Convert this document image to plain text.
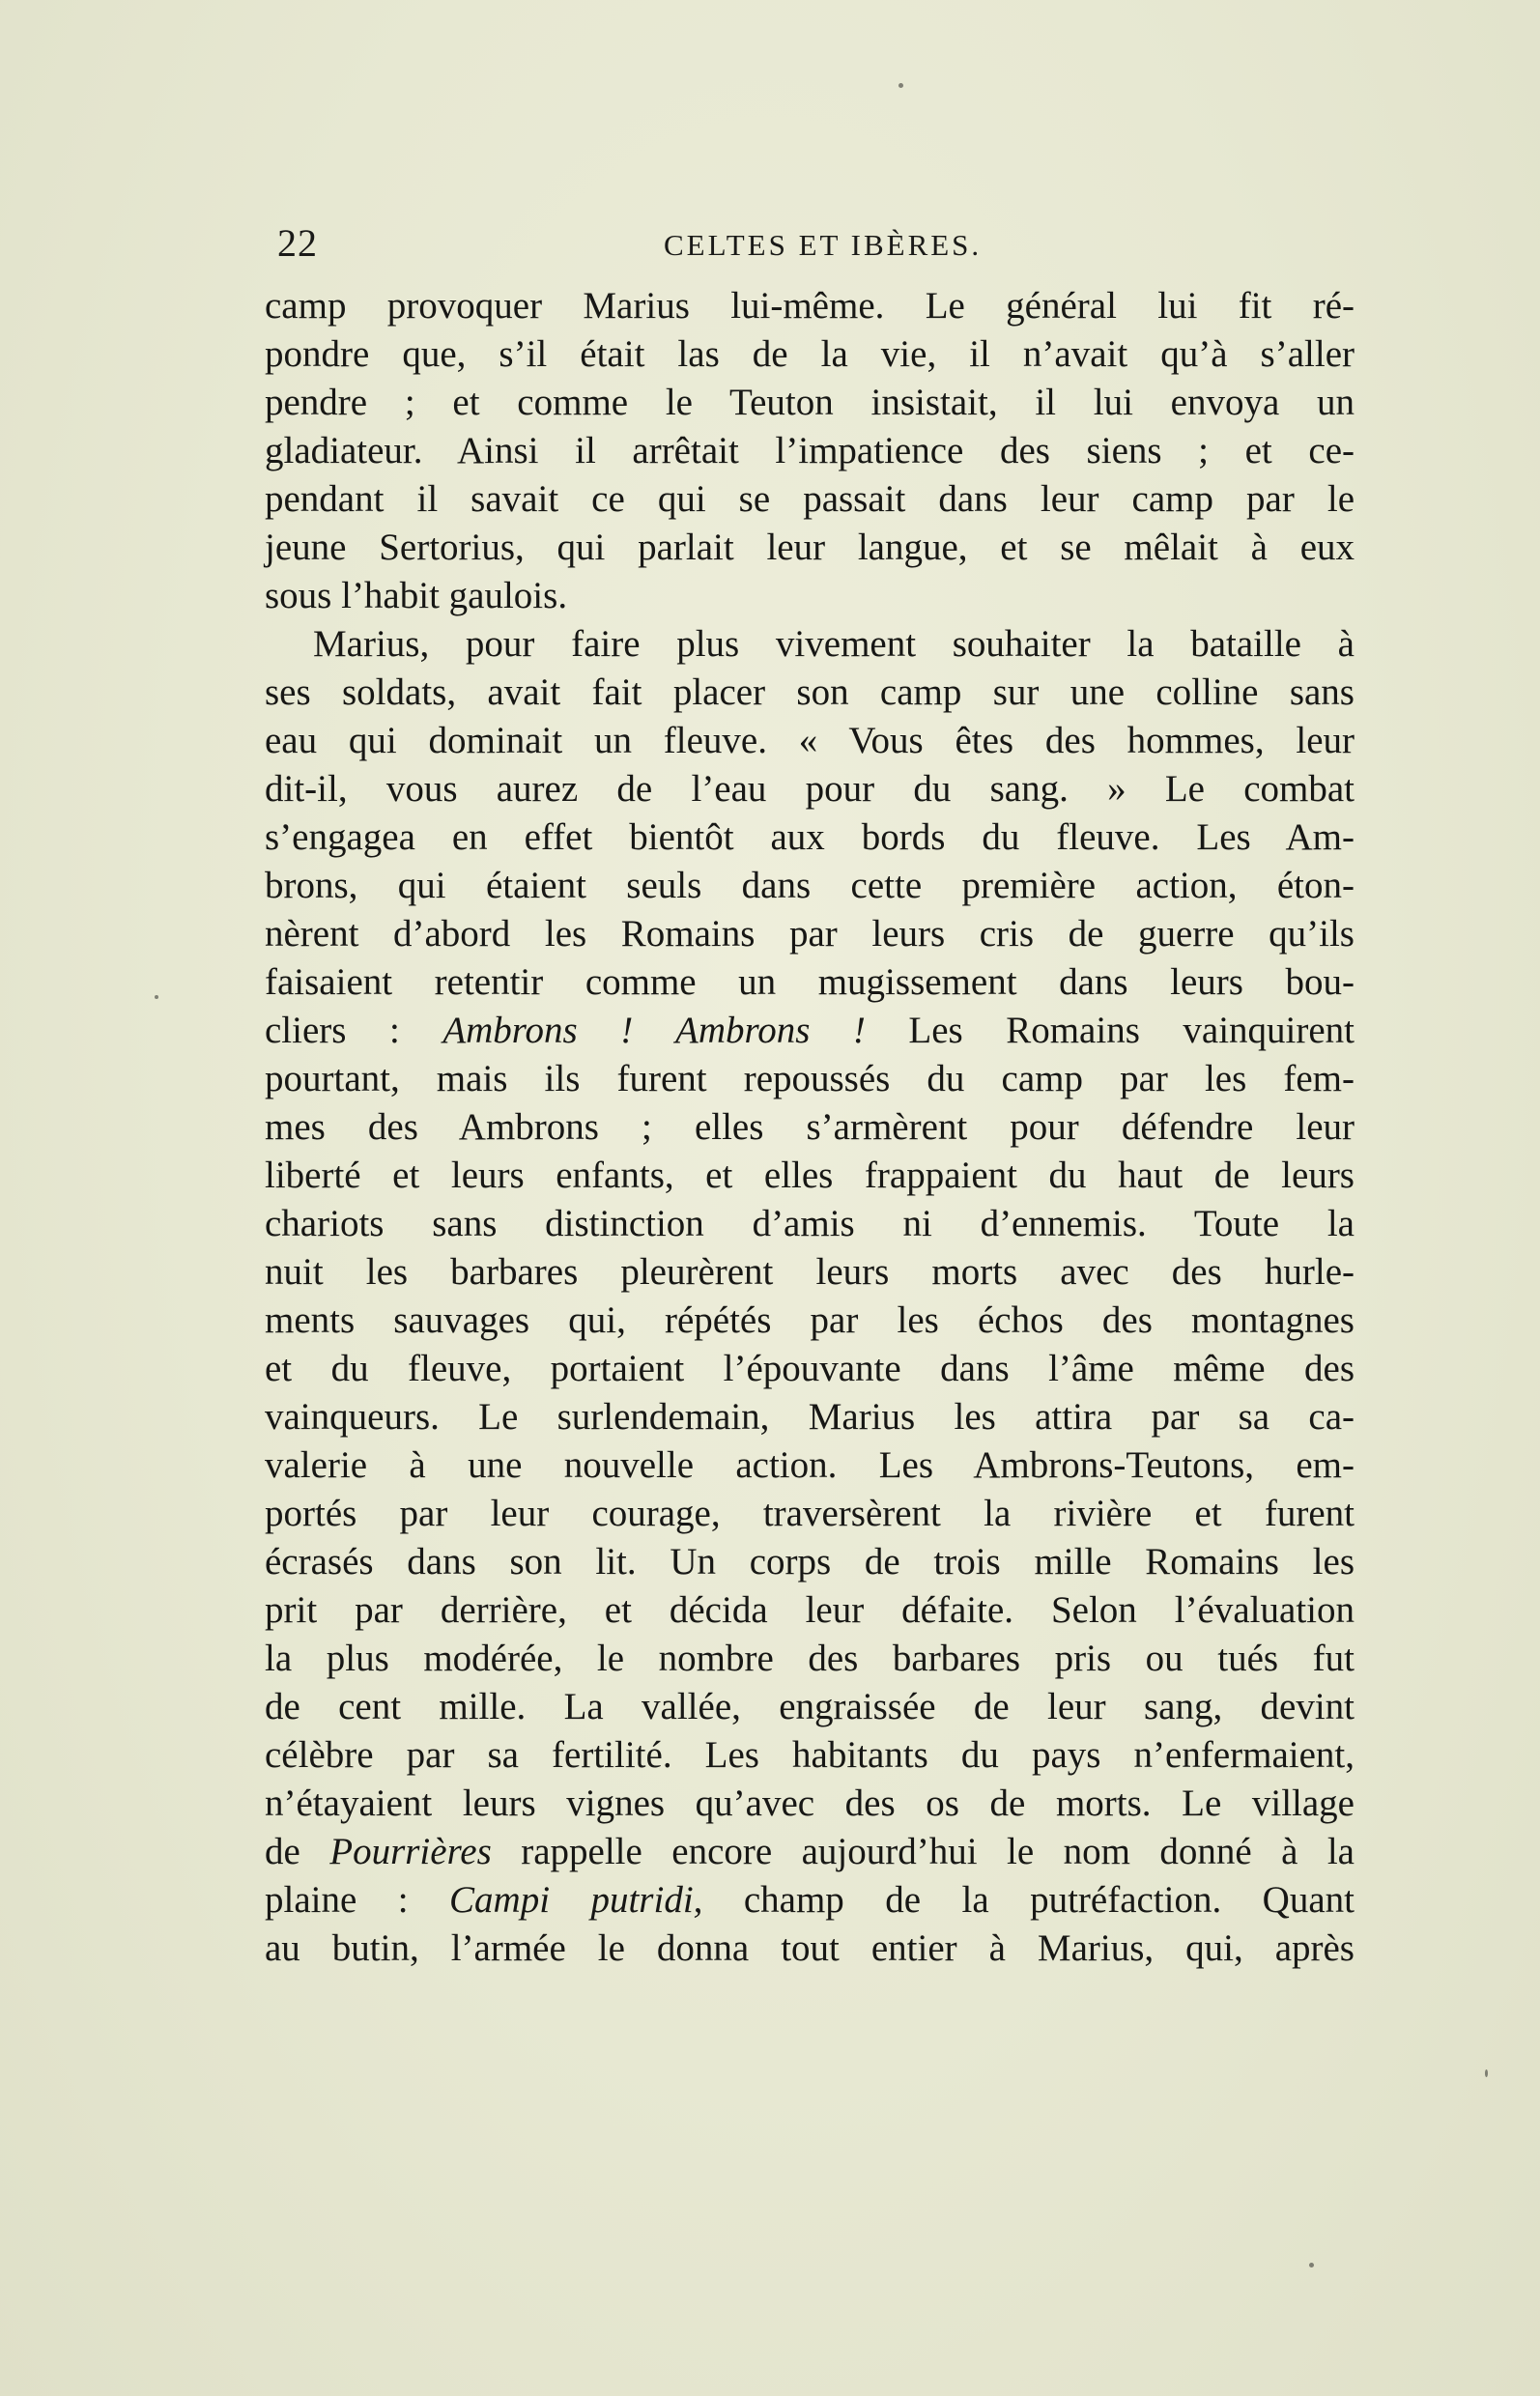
22	CELTES ET IBÈRES.
camp provoquer Marius lui-même. Le général lui fit ré-
pondre que, s’il était las de la vie, il n’avait qu’à s’aller
pendre ; et comme le Teuton insistait, il lui envoya un
gladiateur. Ainsi il arrêtait l’impatience des siens ; et ce-
pendant il savait ce qui se passait dans leur camp par le
jeune Sertorius, qui parlait leur langue, et se mêlait à eux
sous l’habit gaulois.
Marius, pour faire plus vivement souhaiter la bataille à
ses soldats, avait fait placer son camp sur une colline sans
eau qui dominait un fleuve. « Vous êtes des hommes, leur
dit-il, vous aurez de l’eau pour du sang. » Le combat
s’engagea en effet bientôt aux bords du fleuve. Les Am-
brons, qui étaient seuls dans cette première action, éton-
nèrent d’abord les Romains par leurs cris de guerre qu’ils
faisaient retentir comme un mugissement dans leurs bou-
cliers : Ambrons ! Ambrons ! Les Romains vainquirent
pourtant, mais ils furent repoussés du camp par les fem-
mes des Ambrons ; elles s’armèrent pour défendre leur
liberté et leurs enfants, et elles frappaient du haut de leurs
chariots sans distinction d’amis ni d’ennemis. Toute la
nuit les barbares pleurèrent leurs morts avec des hurle-
ments sauvages qui, répétés par les échos des montagnes
et du fleuve, portaient l’épouvante dans l’âme même des
vainqueurs. Le surlendemain, Marius les attira par sa ca-
valerie à une nouvelle action. Les Ambrons-Teutons, em-
portés par leur courage, traversèrent la rivière et furent
écrasés dans son lit. Un corps de trois mille Romains les
prit par derrière, et décida leur défaite. Selon l’évaluation
la plus modérée, le nombre des barbares pris ou tués fut
de cent mille. La vallée, engraissée de leur sang, devint
célèbre par sa fertilité. Les habitants du pays n’enfermaient,
n’étayaient leurs vignes qu’avec des os de morts. Le village
de Pourrières rappelle encore aujourd’hui le nom donné à la
plaine : Campi putridi, champ de la putréfaction. Quant
au butin, l’armée le donna tout entier à Marius, qui, après
